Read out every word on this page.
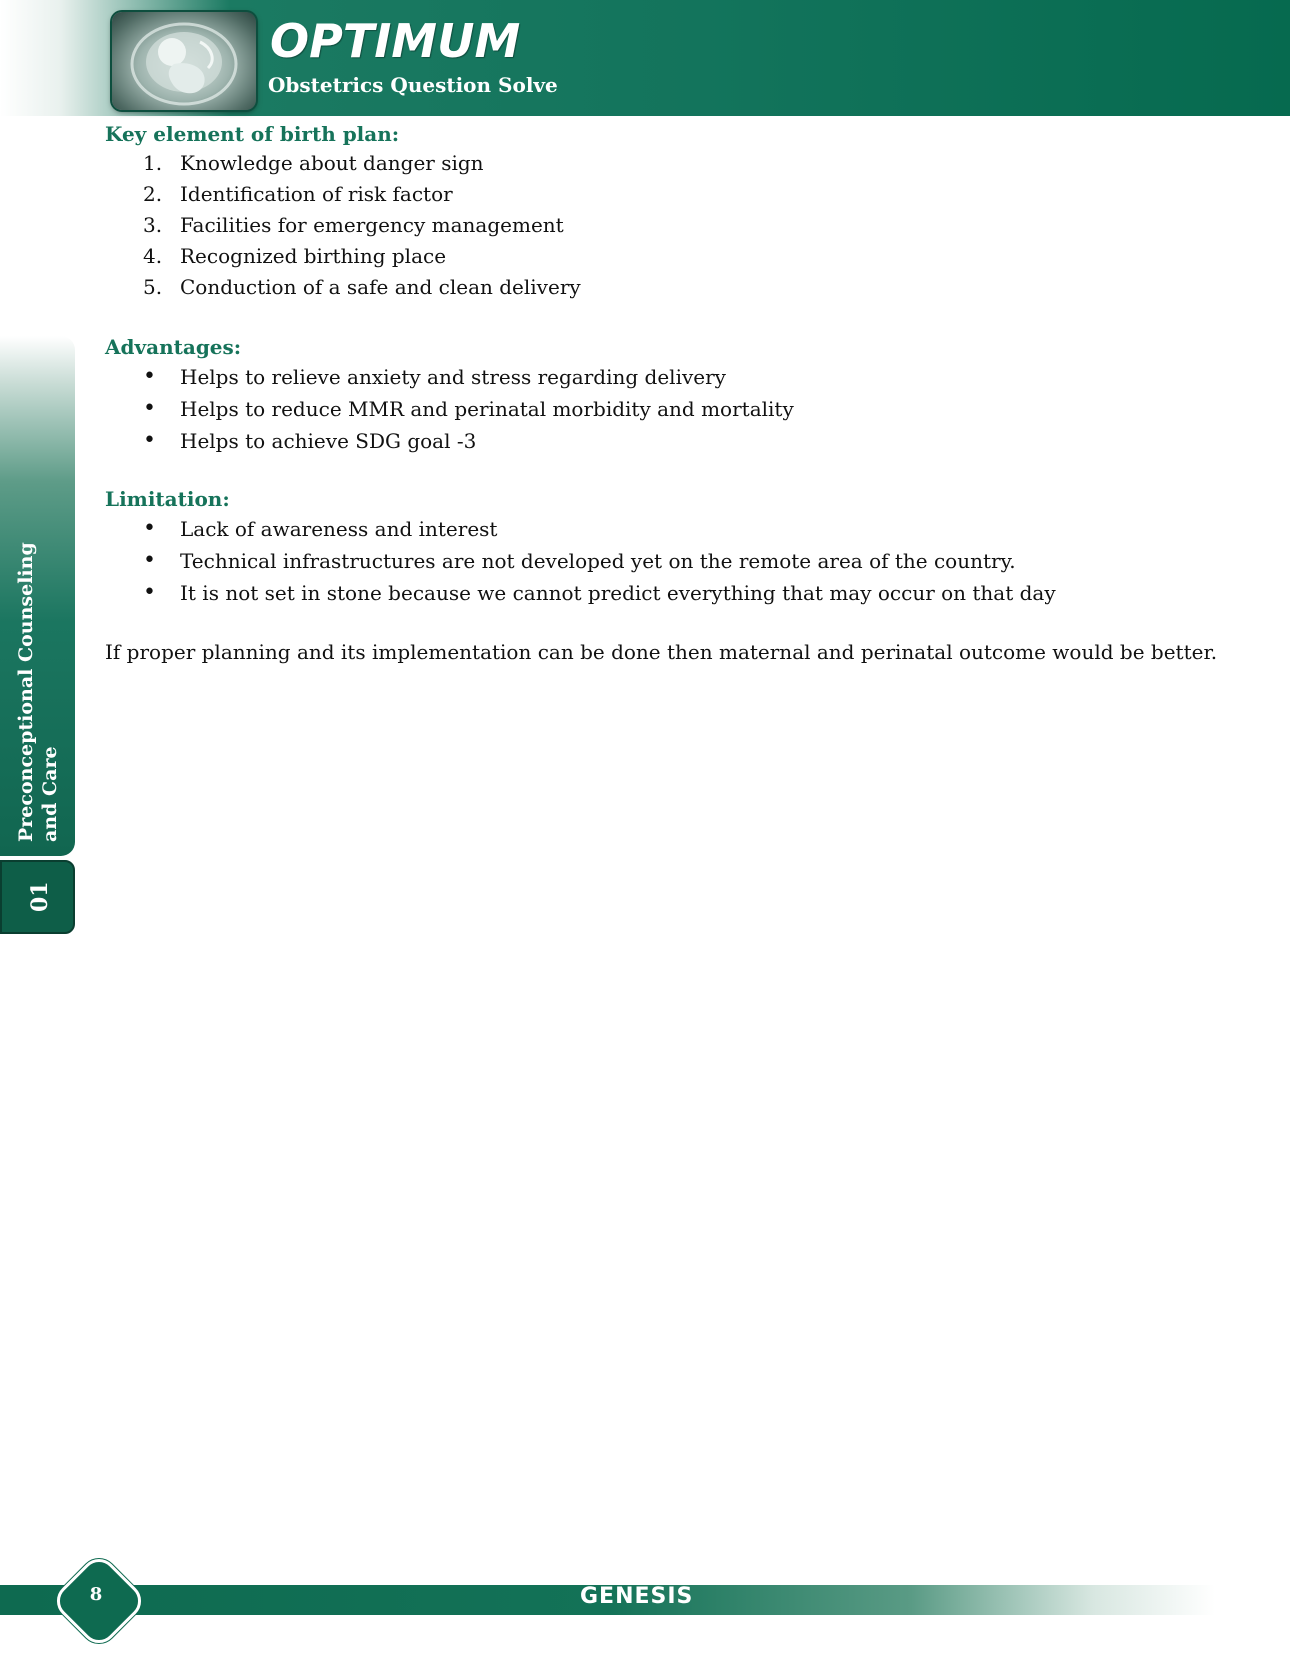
OPTIMUM
Obstetrics Question Solve
Preconceptional Counseling and Care
01

Key element of birth plan:

1. Knowledge about danger sign
2. Identification of risk factor
3. Facilities for emergency management
4. Recognized birthing place
5. Conduction of a safe and clean delivery

Advantages:

•	Helps to relieve anxiety and stress regarding delivery
•	Helps to reduce MMR and perinatal morbidity and mortality
•	Helps to achieve SDG goal -3

Limitation:

•	Lack of awareness and interest
•	Technical infrastructures are not developed yet on the remote area of the country.
•	It is not set in stone because we cannot predict everything that may occur on that day

If proper planning and its implementation can be done then maternal and perinatal outcome would be better.

GENESIS
8
